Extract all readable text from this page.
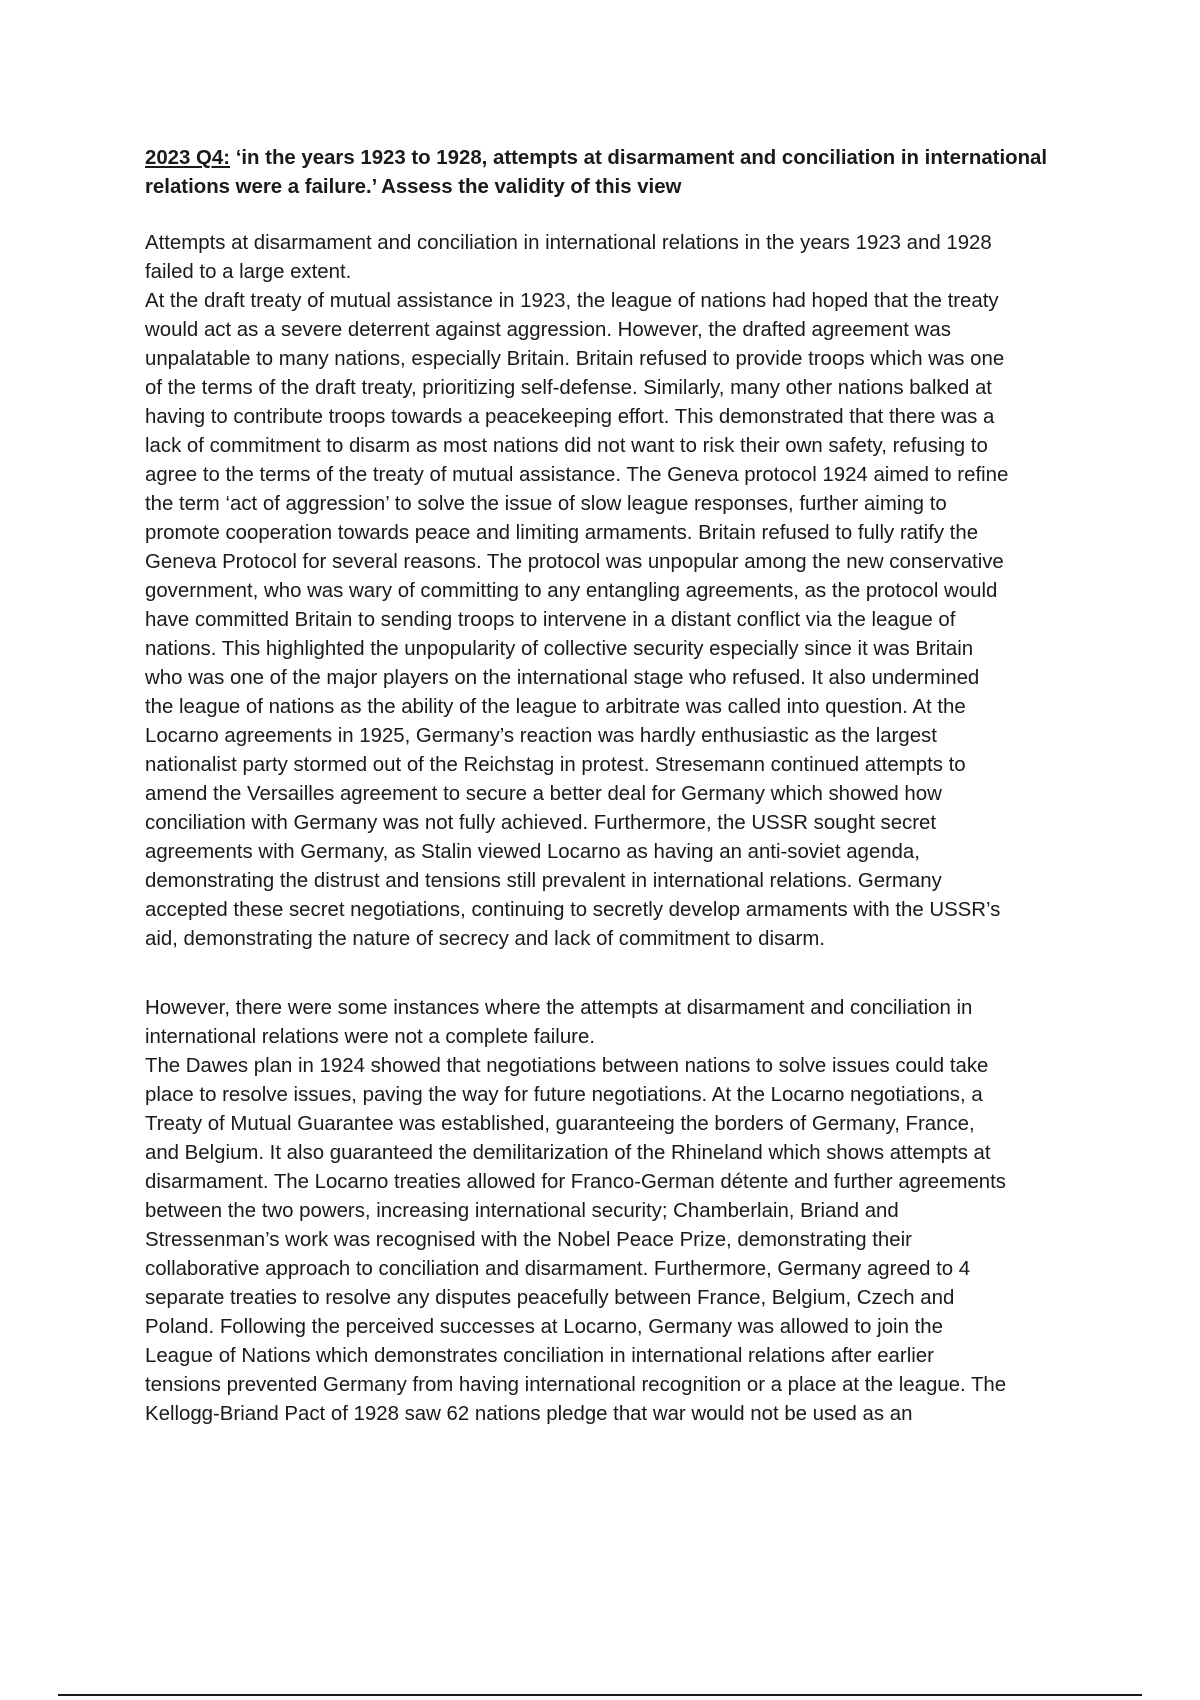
2023 Q4: ‘in the years 1923 to 1928, attempts at disarmament and conciliation in international relations were a failure.’ Assess the validity of this view

Attempts at disarmament and conciliation in international relations in the years 1923 and 1928

failed to a large extent.

At the draft treaty of mutual assistance in 1923, the league of nations had hoped that the treaty

would act as a severe deterrent against aggression. However, the drafted agreement was

unpalatable to many nations, especially Britain. Britain refused to provide troops which was one

of the terms of the draft treaty, prioritizing self-defense. Similarly, many other nations balked at

having to contribute troops towards a peacekeeping effort. This demonstrated that there was a

lack of commitment to disarm as most nations did not want to risk their own safety, refusing to

agree to the terms of the treaty of mutual assistance. The Geneva protocol 1924 aimed to refine

the term ‘act of aggression’ to solve the issue of slow league responses, further aiming to

promote cooperation towards peace and limiting armaments. Britain refused to fully ratify the

Geneva Protocol for several reasons. The protocol was unpopular among the new conservative

government, who was wary of committing to any entangling agreements, as the protocol would

have committed Britain to sending troops to intervene in a distant conflict via the league of

nations. This highlighted the unpopularity of collective security especially since it was Britain

who was one of the major players on the international stage who refused. It also undermined

the league of nations as the ability of the league to arbitrate was called into question. At the

Locarno agreements in 1925, Germany’s reaction was hardly enthusiastic as the largest

nationalist party stormed out of the Reichstag in protest. Stresemann continued attempts to

amend the Versailles agreement to secure a better deal for Germany which showed how

conciliation with Germany was not fully achieved. Furthermore, the USSR sought secret

agreements with Germany, as Stalin viewed Locarno as having an anti-soviet agenda,

demonstrating the distrust and tensions still prevalent in international relations. Germany

accepted these secret negotiations, continuing to secretly develop armaments with the USSR’s

aid, demonstrating the nature of secrecy and lack of commitment to disarm.

However, there were some instances where the attempts at disarmament and conciliation in

international relations were not a complete failure.

The Dawes plan in 1924 showed that negotiations between nations to solve issues could take

place to resolve issues, paving the way for future negotiations. At the Locarno negotiations, a

Treaty of Mutual Guarantee was established, guaranteeing the borders of Germany, France,

and Belgium. It also guaranteed the demilitarization of the Rhineland which shows attempts at

disarmament. The Locarno treaties allowed for Franco-German détente and further agreements

between the two powers, increasing international security; Chamberlain, Briand and

Stressenman’s work was recognised with the Nobel Peace Prize, demonstrating their

collaborative approach to conciliation and disarmament. Furthermore, Germany agreed to 4

separate treaties to resolve any disputes peacefully between France, Belgium, Czech and

Poland. Following the perceived successes at Locarno, Germany was allowed to join the

League of Nations which demonstrates conciliation in international relations after earlier

tensions prevented Germany from having international recognition or a place at the league. The

Kellogg-Briand Pact of 1928 saw 62 nations pledge that war would not be used as an
